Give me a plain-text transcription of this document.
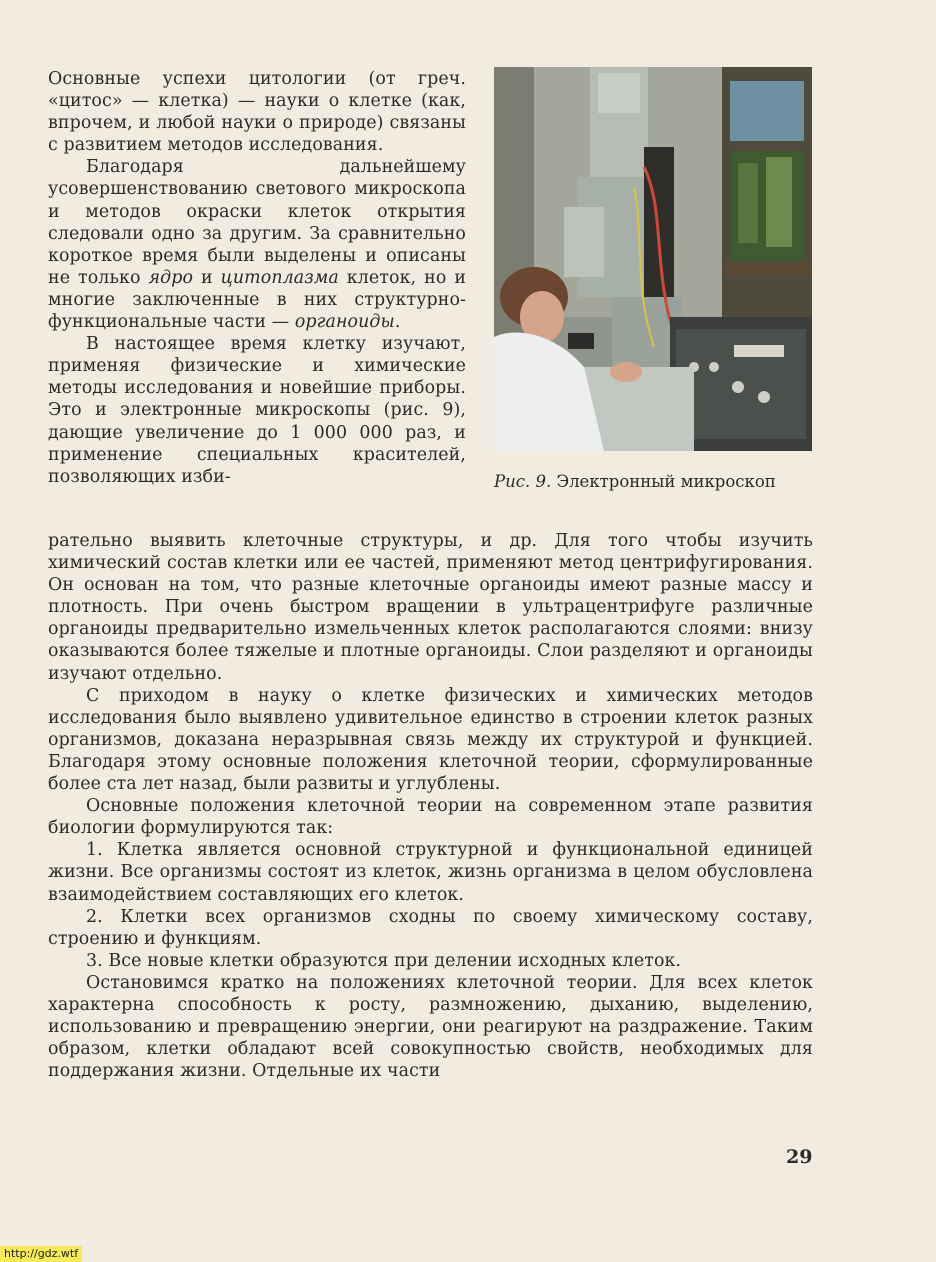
Основные успехи цитологии (от греч. «цитос» — клетка) — науки о клетке (как, впрочем, и любой науки о природе) связаны с развитием методов исследования.

Благодаря дальнейшему усовершенствованию светового микроскопа и методов окраски клеток открытия следовали одно за другим. За сравнительно короткое время были выделены и описаны не только ядро и цитоплазма клеток, но и многие заключенные в них структурно-функциональные части — органоиды.

В настоящее время клетку изучают, применяя физические и химические методы исследования и новейшие приборы. Это и электронные микроскопы (рис. 9), дающие увеличение до 1 000 000 раз, и применение специальных красителей, позволяющих изби-	Рис. 9. Электронный микроскоп

рательно выявить клеточные структуры, и др. Для того чтобы изучить химический состав клетки или ее частей, применяют метод центрифугирования. Он основан на том, что разные клеточные органоиды имеют разные массу и плотность. При очень быстром вращении в ультрацентрифуге различные органоиды предварительно измельченных клеток располагаются слоями: внизу оказываются более тяжелые и плотные органоиды. Слои разделяют и органоиды изучают отдельно.

С приходом в науку о клетке физических и химических методов исследования было выявлено удивительное единство в строении клеток разных организмов, доказана неразрывная связь между их структурой и функцией. Благодаря этому основные положения клеточной теории, сформулированные более ста лет назад, были развиты и углублены.

Основные положения клеточной теории на современном этапе развития биологии формулируются так:

1. Клетка является основной структурной и функциональной единицей жизни. Все организмы состоят из клеток, жизнь организма в целом обусловлена взаимодействием составляющих его клеток.

2. Клетки всех организмов сходны по своему химическому составу, строению и функциям.

3. Все новые клетки образуются при делении исходных клеток.

Остановимся кратко на положениях клеточной теории. Для всех клеток характерна способность к росту, размножению, дыханию, выделению, использованию и превращению энергии, они реагируют на раздражение. Таким образом, клетки обладают всей совокупностью свойств, необходимых для поддержания жизни. Отдельные их части

29
http://gdz.wtf
